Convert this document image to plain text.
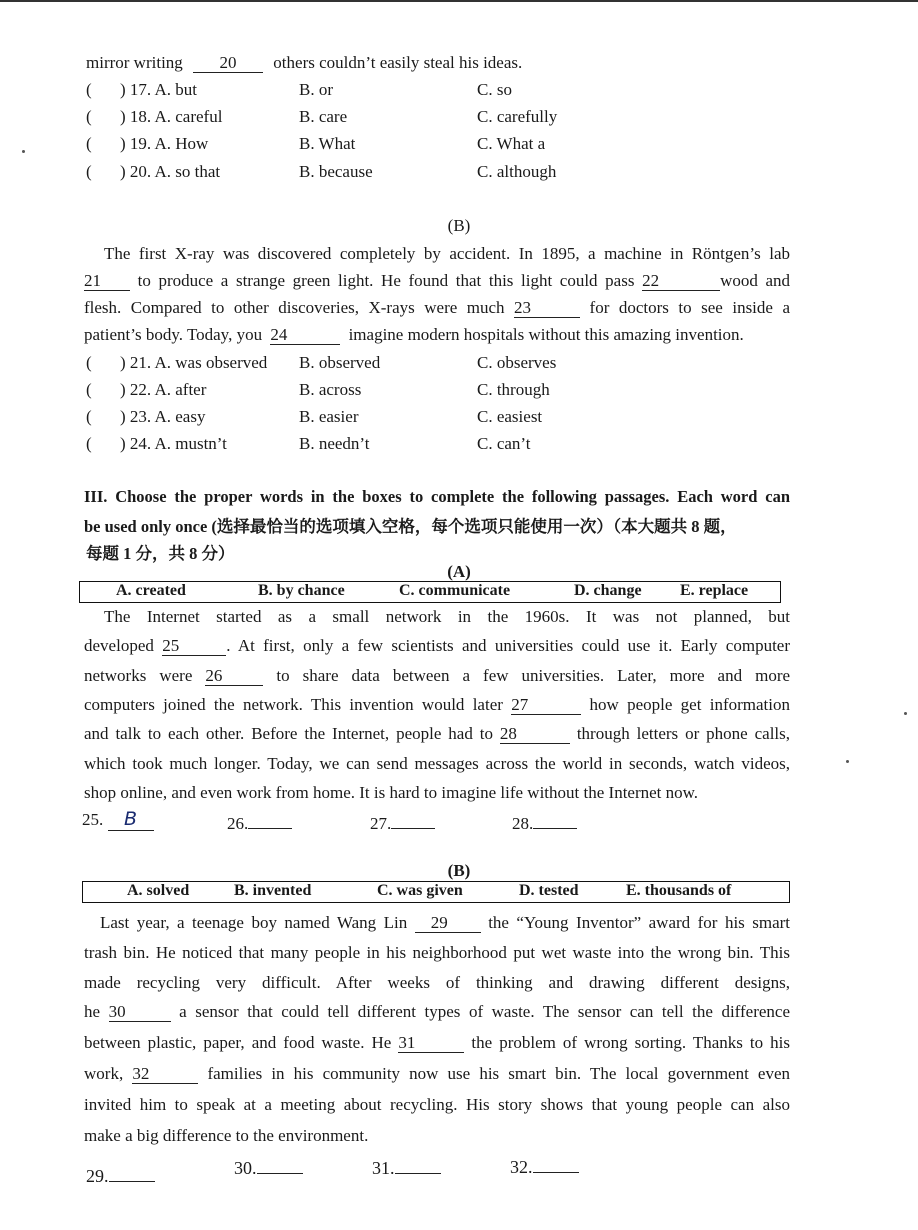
mirror writing 20 others couldn’t easily steal his ideas.
( ) 17. A. but	B. or	C. so
( ) 18. A. careful	B. care	C. carefully
( ) 19. A. How	B. What	C. What a
( ) 20. A. so that	B. because	C. although
(B)
The first X-ray was discovered completely by accident. In 1895, a machine in Röntgen’s lab
21 to produce a strange green light. He found that this light could pass 22	wood and
flesh. Compared to other discoveries, X-rays were much 23	for doctors to see inside a
patient’s body. Today, you 24	imagine modern hospitals without this amazing invention.
( ) 21. A. was observed B. observed	C. observes
( ) 22. A. after	B. across	C. through
( ) 23. A. easy	B. easier	C. easiest
( ) 24. A. mustn’t	B. needn’t	C. can’t
III. Choose the proper words in the boxes to complete the following passages. Each word can
be used only once (选择最恰当的选项填入空格，每个选项只能使用一次）（本大题共 8 题，
每题 1 分，共 8 分）
(A)
A. created	B. by chance	C. communicate	D. change E. replace
The Internet started as a small network in the 1960s. It was not planned, but
developed 25	. At first, only a few scientists and universities could use it. Early computer
networks were 26	to share data between a few universities. Later, more and more
computers joined the network. This invention would later 27	how people get information
and talk to each other. Before the Internet, people had to 28	through letters or phone calls,
which took much longer. Today, we can send messages across the world in seconds, watch videos,
shop online, and even work from home. It is hard to imagine life without the Internet now.
25. B	26.	27.	28.
(B)
A. solved	B. invented	C. was given	D. tested	E. thousands of
Last year, a teenage boy named Wang Lin 29 the “Young Inventor” award for his smart
trash bin. He noticed that many people in his neighborhood put wet waste into the wrong bin. This
made recycling very difficult. After weeks of thinking and drawing different designs,
he 30	a sensor that could tell different types of waste. The sensor can tell the difference
between plastic, paper, and food waste. He 31	the problem of wrong sorting. Thanks to his
work, 32	families in his community now use his smart bin. The local government even
invited him to speak at a meeting about recycling. His story shows that young people can also
make a big difference to the environment.
29.	30.	31.	32.
